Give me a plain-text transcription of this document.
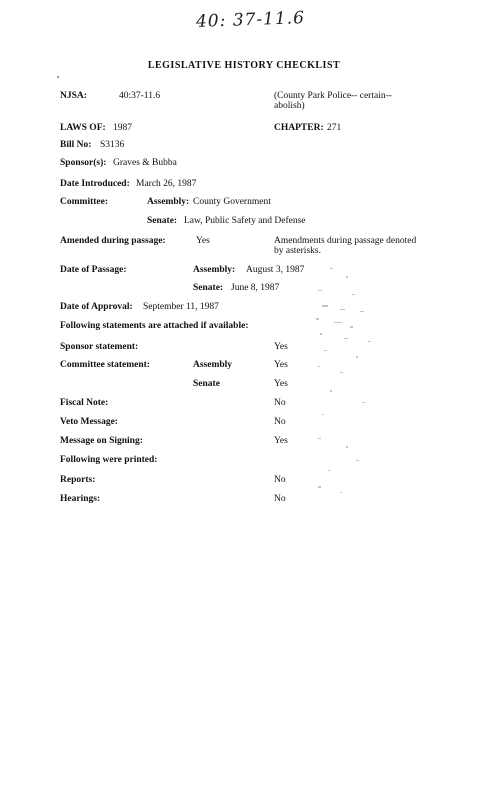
40: 37-11.6
LEGISLATIVE HISTORY CHECKLIST
NJSA:	40:37-11.6	(County Park Police-- certain--
abolish)
LAWS OF: 1987	CHAPTER: 271
Bill No: S3136
Sponsor(s): Graves & Bubba
Date Introduced: March 26, 1987
Committee:	Assembly: County Government
Senate: Law, Public Safety and Defense
Amended during passage:	Yes	Amendments during passage denoted
by asterisks.
Date of Passage:	Assembly: August 3, 1987
Senate: June 8, 1987
Date of Approval: September 11, 1987
Following statements are attached if available:
Sponsor statement:	Yes
Committee statement:	Assembly	Yes
Senate	Yes
Fiscal Note:	No
Veto Message:	No
Message on Signing:	Yes
Following were printed:
Reports:	No
Hearings:	No
